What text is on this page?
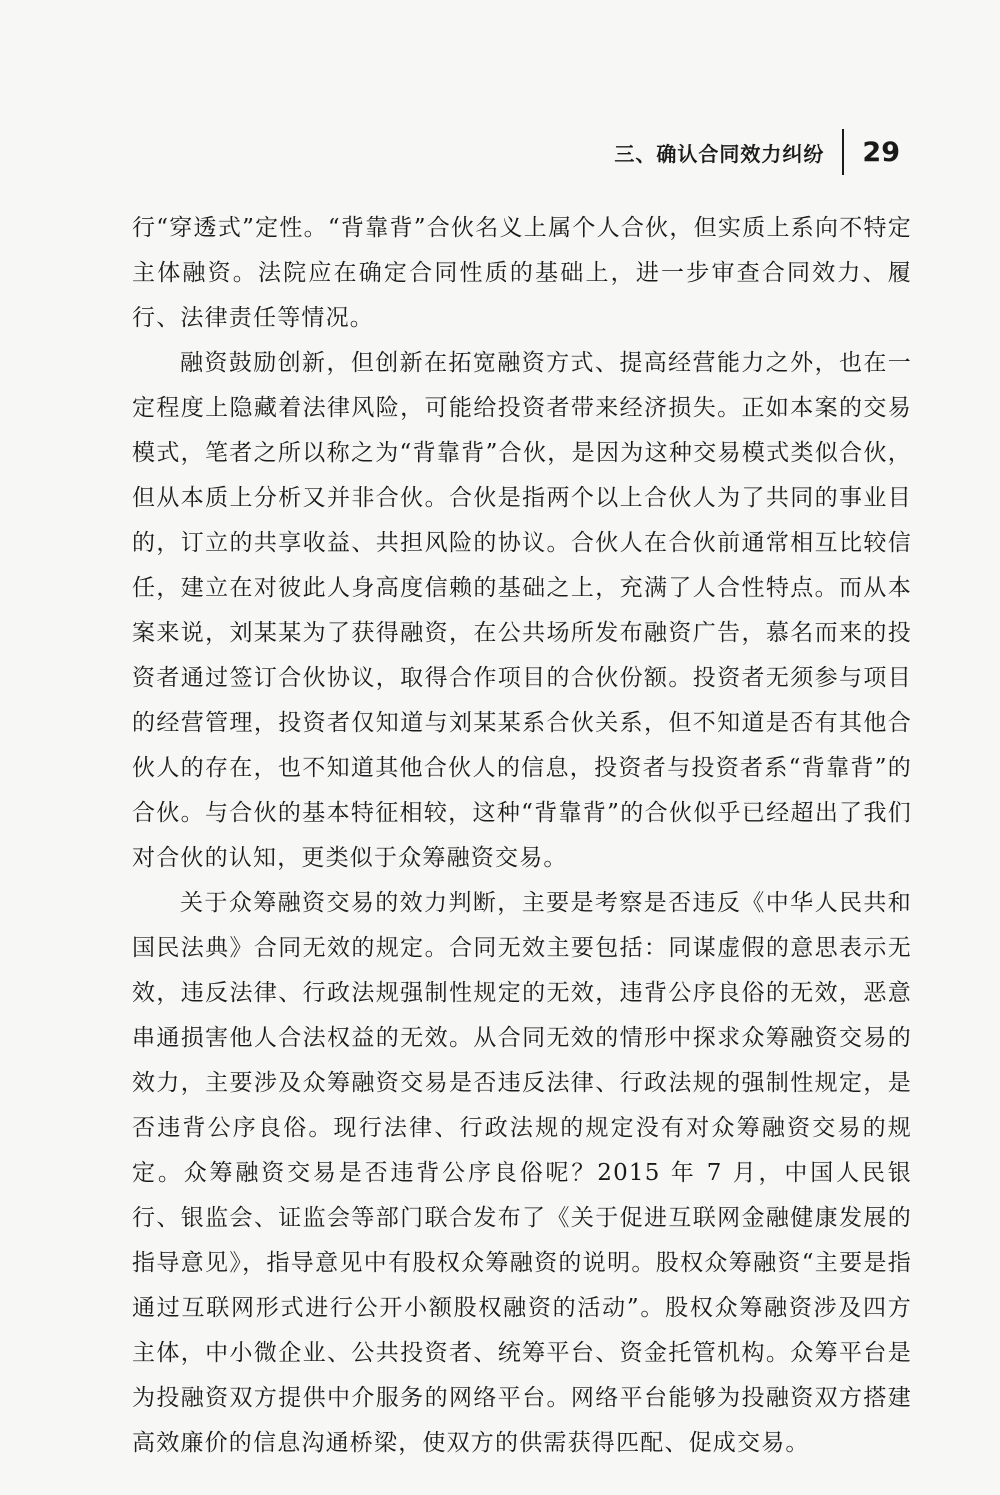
三、确认合同效力纠纷 29

行“穿透式”定性。“背靠背”合伙名义上属个人合伙，但实质上系向不特定主体融资。法院应在确定合同性质的基础上，进一步审查合同效力、履行、法律责任等情况。

融资鼓励创新，但创新在拓宽融资方式、提高经营能力之外，也在一定程度上隐藏着法律风险，可能给投资者带来经济损失。正如本案的交易模式，笔者之所以称之为“背靠背”合伙，是因为这种交易模式类似合伙，但从本质上分析又并非合伙。合伙是指两个以上合伙人为了共同的事业目的，订立的共享收益、共担风险的协议。合伙人在合伙前通常相互比较信任，建立在对彼此人身高度信赖的基础之上，充满了人合性特点。而从本案来说，刘某某为了获得融资，在公共场所发布融资广告，慕名而来的投资者通过签订合伙协议，取得合作项目的合伙份额。投资者无须参与项目的经营管理，投资者仅知道与刘某某系合伙关系，但不知道是否有其他合伙人的存在，也不知道其他合伙人的信息，投资者与投资者系“背靠背”的合伙。与合伙的基本特征相较，这种“背靠背”的合伙似乎已经超出了我们对合伙的认知，更类似于众筹融资交易。

关于众筹融资交易的效力判断，主要是考察是否违反《中华人民共和国民法典》合同无效的规定。合同无效主要包括：同谋虚假的意思表示无效，违反法律、行政法规强制性规定的无效，违背公序良俗的无效，恶意串通损害他人合法权益的无效。从合同无效的情形中探求众筹融资交易的效力，主要涉及众筹融资交易是否违反法律、行政法规的强制性规定，是否违背公序良俗。现行法律、行政法规的规定没有对众筹融资交易的规定。众筹融资交易是否违背公序良俗呢？2015 年 7 月，中国人民银行、银监会、证监会等部门联合发布了《关于促进互联网金融健康发展的指导意见》，指导意见中有股权众筹融资的说明。股权众筹融资“主要是指通过互联网形式进行公开小额股权融资的活动”。股权众筹融资涉及四方主体，中小微企业、公共投资者、统筹平台、资金托管机构。众筹平台是为投融资双方提供中介服务的网络平台。网络平台能够为投融资双方搭建高效廉价的信息沟通桥梁，使双方的供需获得匹配、促成交易。
